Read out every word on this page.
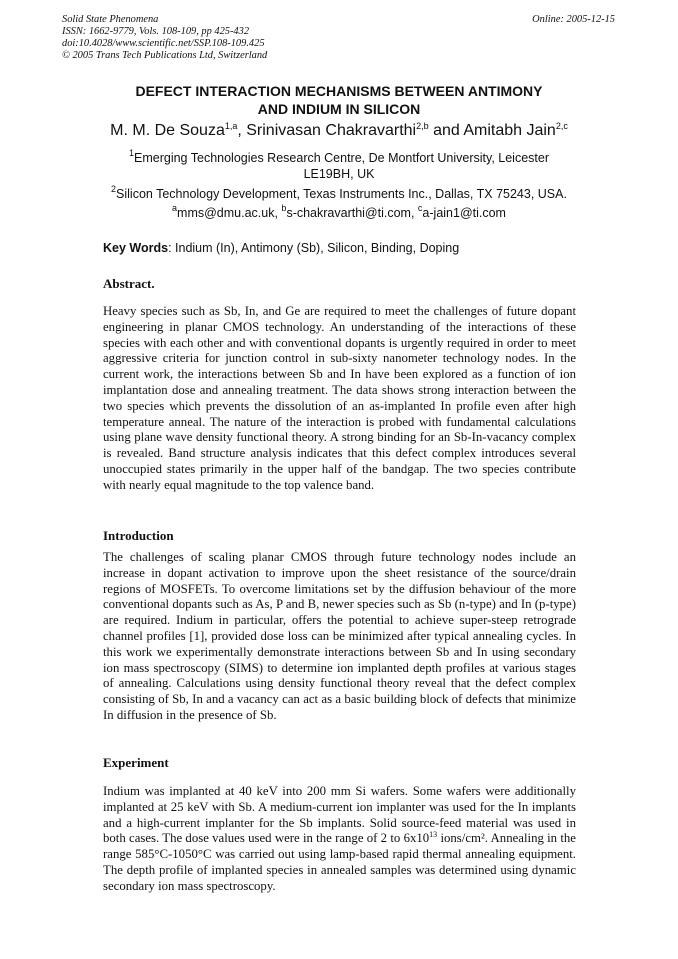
Solid State Phenomena
ISSN: 1662-9779, Vols. 108-109, pp 425-432
doi:10.4028/www.scientific.net/SSP.108-109.425
© 2005 Trans Tech Publications Ltd, Switzerland
Online: 2005-12-15
DEFECT INTERACTION MECHANISMS BETWEEN ANTIMONY
AND INDIUM IN SILICON
M. M. De Souza$^{1,a}$, Srinivasan Chakravarthi$^{2,b}$ and Amitabh Jain$^{2,c}$
$^1$Emerging Technologies Research Centre, De Montfort University, Leicester
LE19BH, UK
$^2$Silicon Technology Development, Texas Instruments Inc., Dallas, TX 75243, USA.
$^a$mms@dmu.ac.uk, $^b$s-chakravarthi@ti.com, $^c$a-jain1@ti.com
Key Words: Indium (In), Antimony (Sb), Silicon, Binding, Doping
Abstract.

Heavy species such as Sb, In, and Ge are required to meet the challenges of future dopant engineering in planar CMOS technology. An understanding of the interactions of these species with each other and with conventional dopants is urgently required in order to meet aggressive criteria for junction control in sub-sixty nanometer technology nodes. In the current work, the interactions between Sb and In have been explored as a function of ion implantation dose and annealing treatment. The data shows strong interaction between the two species which prevents the dissolution of an as-implanted In profile even after high temperature anneal. The nature of the interaction is probed with fundamental calculations using plane wave density functional theory. A strong binding for an Sb-In-vacancy complex is revealed. Band structure analysis indicates that this defect complex introduces several unoccupied states primarily in the upper half of the bandgap. The two species contribute with nearly equal magnitude to the top valence band.

Introduction

The challenges of scaling planar CMOS through future technology nodes include an increase in dopant activation to improve upon the sheet resistance of the source/drain regions of MOSFETs. To overcome limitations set by the diffusion behaviour of the more conventional dopants such as As, P and B, newer species such as Sb (n-type) and In (p-type) are required. Indium in particular, offers the potential to achieve super-steep retrograde channel profiles [1], provided dose loss can be minimized after typical annealing cycles. In this work we experimentally demonstrate interactions between Sb and In using secondary ion mass spectroscopy (SIMS) to determine ion implanted depth profiles at various stages of annealing. Calculations using density functional theory reveal that the defect complex consisting of Sb, In and a vacancy can act as a basic building block of defects that minimize In diffusion in the presence of Sb.

Experiment

Indium was implanted at 40 keV into 200 mm Si wafers. Some wafers were additionally implanted at 25 keV with Sb. A medium-current ion implanter was used for the In implants and a high-current implanter for the Sb implants. Solid source-feed material was used in both cases. The dose values used were in the range of 2 to $6x10^{13}$ ions/cm². Annealing in the range 585°C-1050°C was carried out using lamp-based rapid thermal annealing equipment. The depth profile of implanted species in annealed samples was determined using dynamic secondary ion mass spectroscopy.
